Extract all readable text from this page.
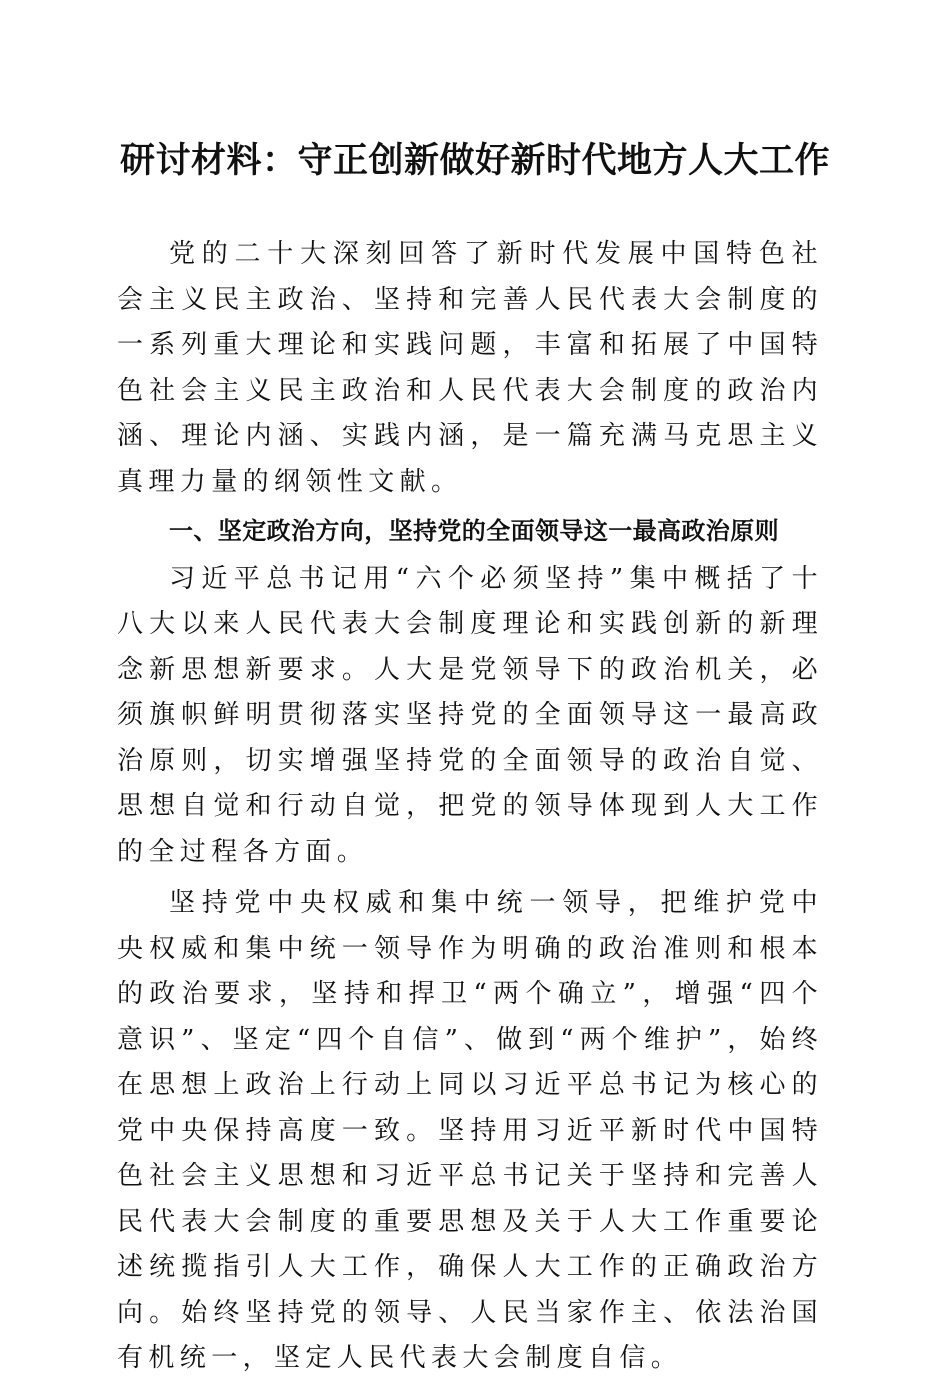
研讨材料：守正创新做好新时代地方人大工作

党的二十大深刻回答了新时代发展中国特色社会主义民主政治、坚持和完善人民代表大会制度的一系列重大理论和实践问题，丰富和拓展了中国特色社会主义民主政治和人民代表大会制度的政治内涵、理论内涵、实践内涵，是一篇充满马克思主义真理力量的纲领性文献。

一、坚定政治方向，坚持党的全面领导这一最高政治原则

习近平总书记用“六个必须坚持”集中概括了十八大以来人民代表大会制度理论和实践创新的新理念新思想新要求。人大是党领导下的政治机关，必须旗帜鲜明贯彻落实坚持党的全面领导这一最高政治原则，切实增强坚持党的全面领导的政治自觉、思想自觉和行动自觉，把党的领导体现到人大工作的全过程各方面。

坚持党中央权威和集中统一领导，把维护党中央权威和集中统一领导作为明确的政治准则和根本的政治要求，坚持和捍卫“两个确立”，增强“四个意识”、坚定“四个自信”、做到“两个维护”，始终在思想上政治上行动上同以习近平总书记为核心的党中央保持高度一致。坚持用习近平新时代中国特色社会主义思想和习近平总书记关于坚持和完善人民代表大会制度的重要思想及关于人大工作重要论述统揽指引人大工作，确保人大工作的正确政治方向。始终坚持党的领导、人民当家作主、依法治国有机统一，坚定人民代表大会制度自信。
